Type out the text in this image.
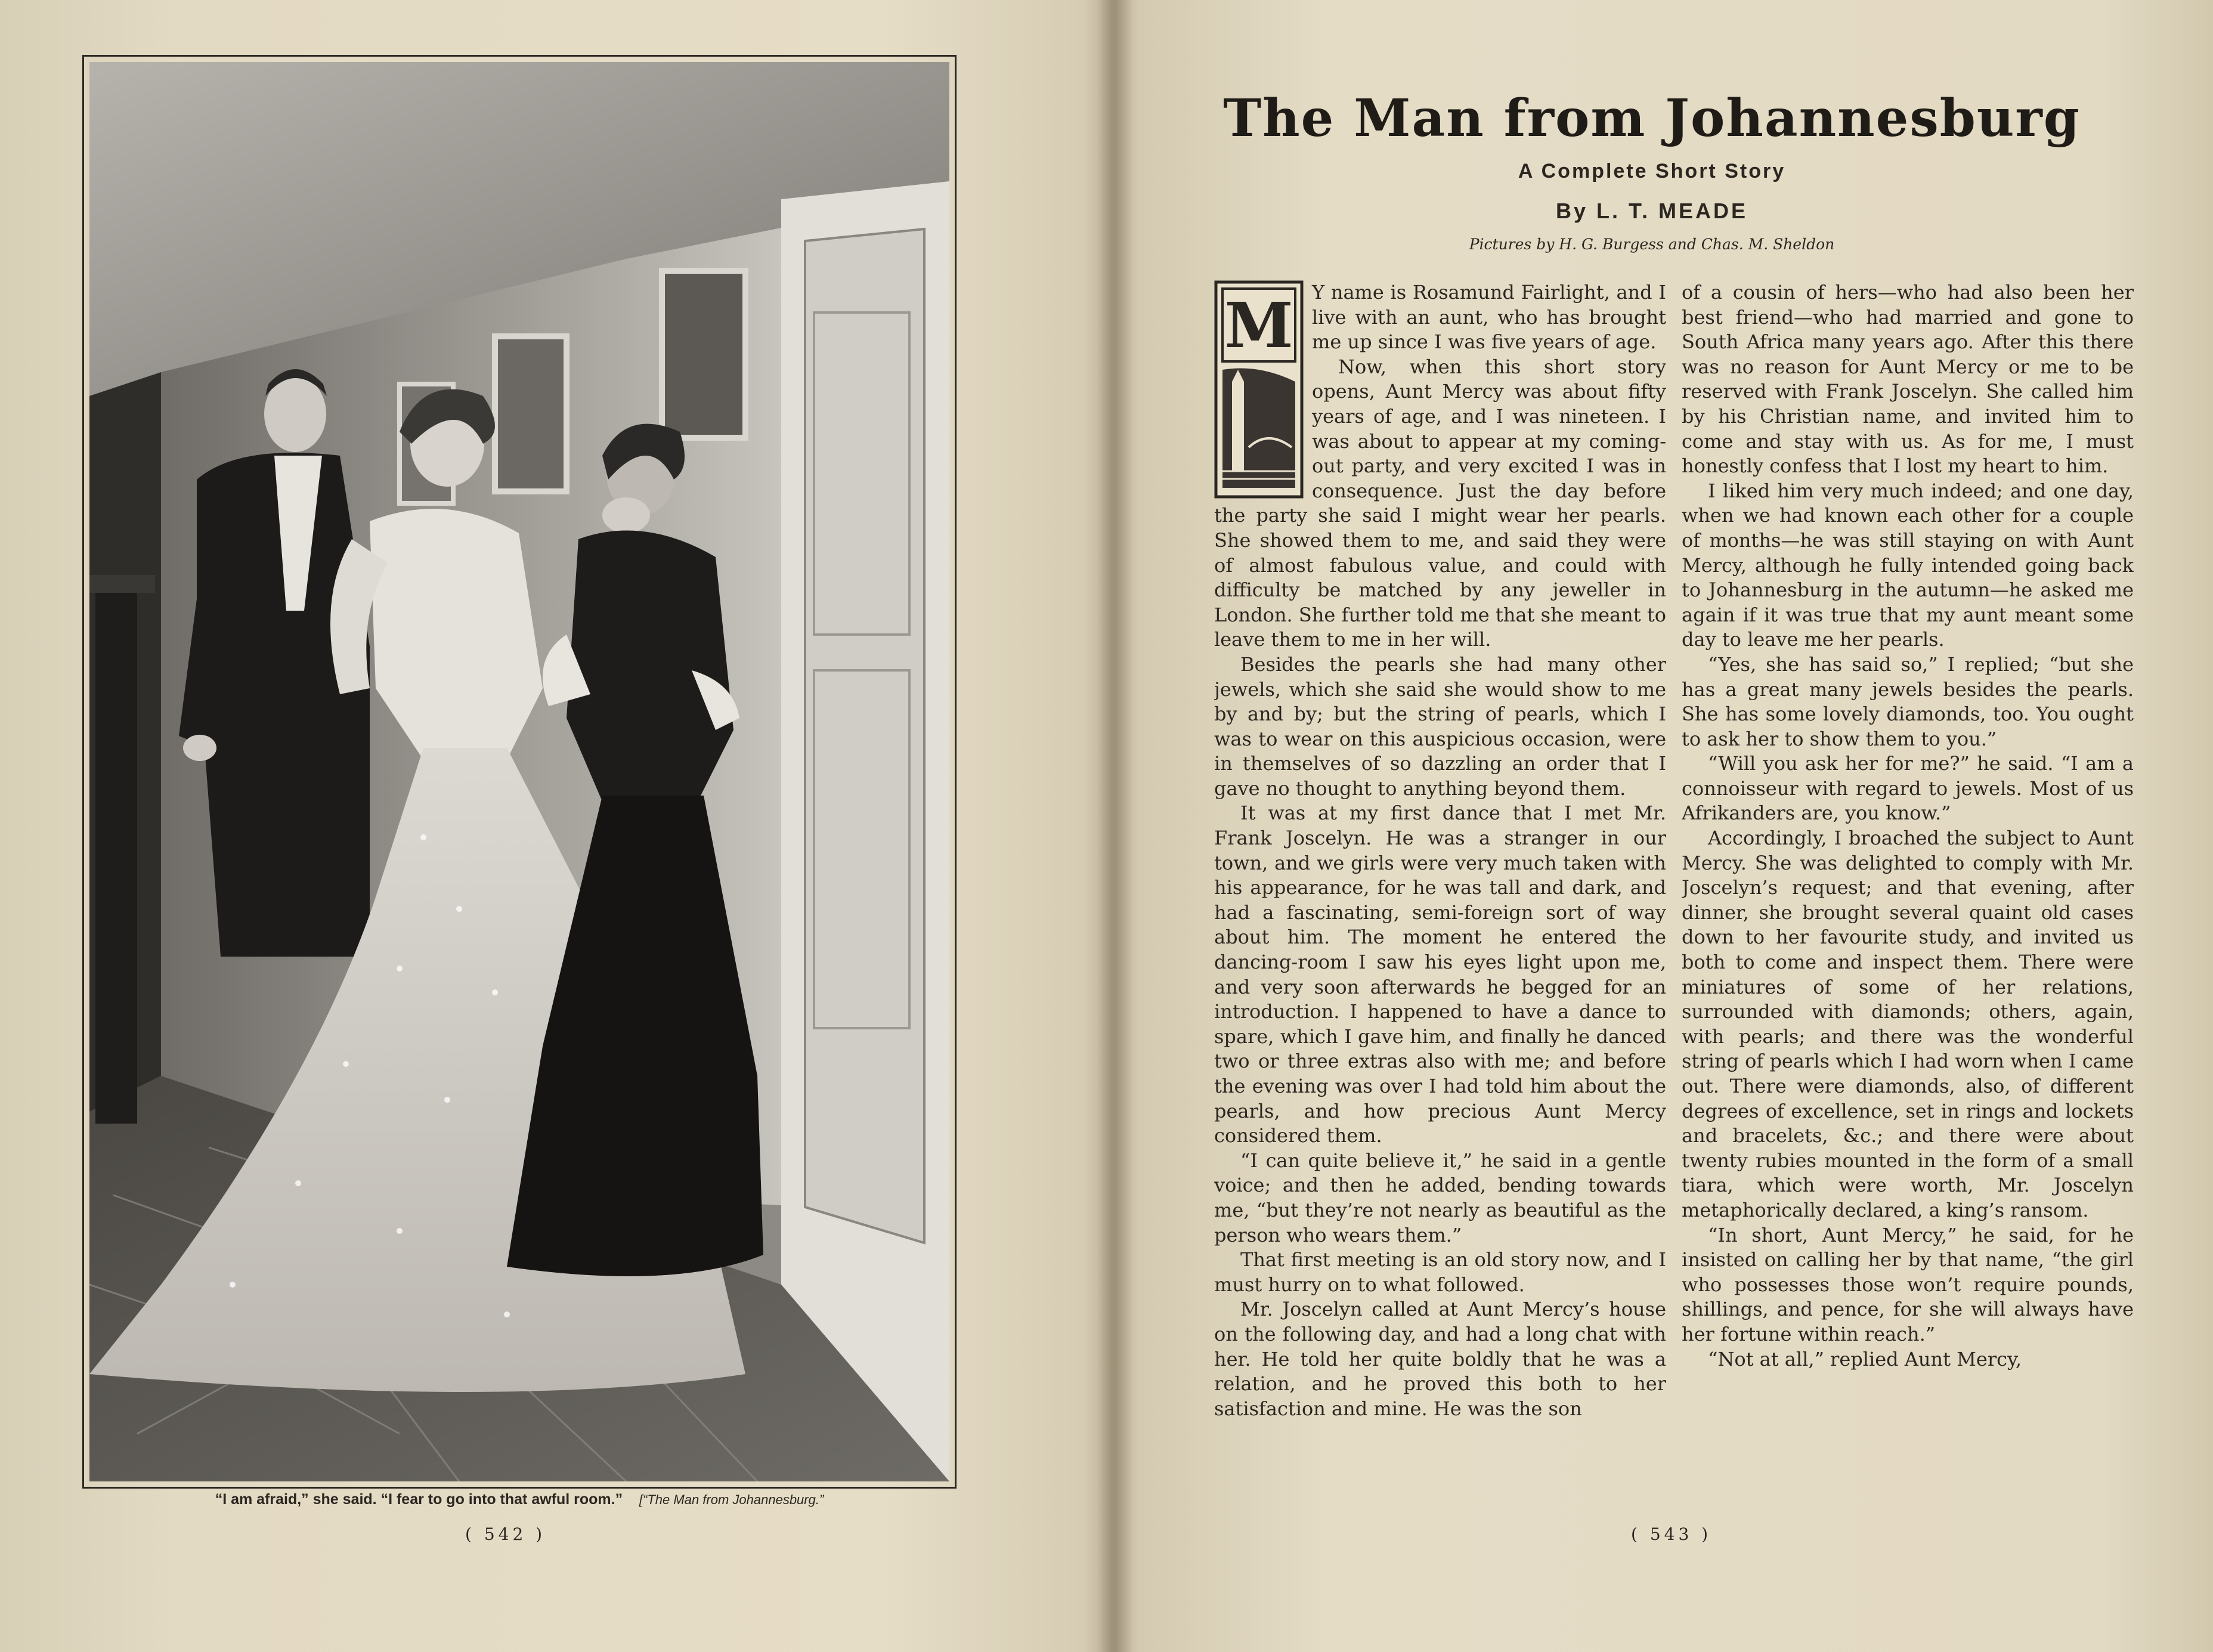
“I am afraid,” she said. “I fear to go into that awful room.” [“The Man from Johannesburg.”
( 542 )
The Man from Johannesburg
A Complete Short Story
By L. T. MEADE
Pictures by H. G. Burgess and Chas. M. Sheldon
M Y name is Rosamund Fairlight, and I live with an aunt, who has brought me up since I was five years of age.

Now, when this short story opens, Aunt Mercy was about fifty years of age, and I was nineteen. I was about to appear at my coming-out party, and very excited I was in consequence. Just the day before the party she said I might wear her pearls. She showed them to me, and said they were of almost fabulous value, and could with difficulty be matched by any jeweller in London. She further told me that she meant to leave them to me in her will.

Besides the pearls she had many other jewels, which she said she would show to me by and by; but the string of pearls, which I was to wear on this auspicious occasion, were in themselves of so dazzling an order that I gave no thought to anything beyond them.

It was at my first dance that I met Mr. Frank Joscelyn. He was a stranger in our town, and we girls were very much taken with his appearance, for he was tall and dark, and had a fascinating, semi-foreign sort of way about him. The moment he entered the dancing-room I saw his eyes light upon me, and very soon afterwards he begged for an introduction. I happened to have a dance to spare, which I gave him, and finally he danced two or three extras also with me; and before the evening was over I had told him about the pearls, and how precious Aunt Mercy considered them.

“I can quite believe it,” he said in a gentle voice; and then he added, bending towards me, “but they’re not nearly as beautiful as the person who wears them.”

That first meeting is an old story now, and I must hurry on to what followed.

Mr. Joscelyn called at Aunt Mercy’s house on the following day, and had a long chat with her. He told her quite boldly that he was a relation, and he proved this both to her satisfaction and mine. He was the son

of a cousin of hers—who had also been her best friend—who had married and gone to South Africa many years ago. After this there was no reason for Aunt Mercy or me to be reserved with Frank Joscelyn. She called him by his Christian name, and invited him to come and stay with us. As for me, I must honestly confess that I lost my heart to him.

I liked him very much indeed; and one day, when we had known each other for a couple of months—he was still staying on with Aunt Mercy, although he fully intended going back to Johannesburg in the autumn—he asked me again if it was true that my aunt meant some day to leave me her pearls.

“Yes, she has said so,” I replied; “but she has a great many jewels besides the pearls. She has some lovely diamonds, too. You ought to ask her to show them to you.”

“Will you ask her for me?” he said. “I am a connoisseur with regard to jewels. Most of us Afrikanders are, you know.”

Accordingly, I broached the subject to Aunt Mercy. She was delighted to comply with Mr. Joscelyn’s request; and that evening, after dinner, she brought several quaint old cases down to her favourite study, and invited us both to come and inspect them. There were miniatures of some of her relations, surrounded with diamonds; others, again, with pearls; and there was the wonderful string of pearls which I had worn when I came out. There were diamonds, also, of different degrees of excellence, set in rings and lockets and bracelets, &c.; and there were about twenty rubies mounted in the form of a small tiara, which were worth, Mr. Joscelyn metaphorically declared, a king’s ransom.

“In short, Aunt Mercy,” he said, for he insisted on calling her by that name, “the girl who possesses those won’t require pounds, shillings, and pence, for she will always have her fortune within reach.”

“Not at all,” replied Aunt Mercy,

( 543 )
